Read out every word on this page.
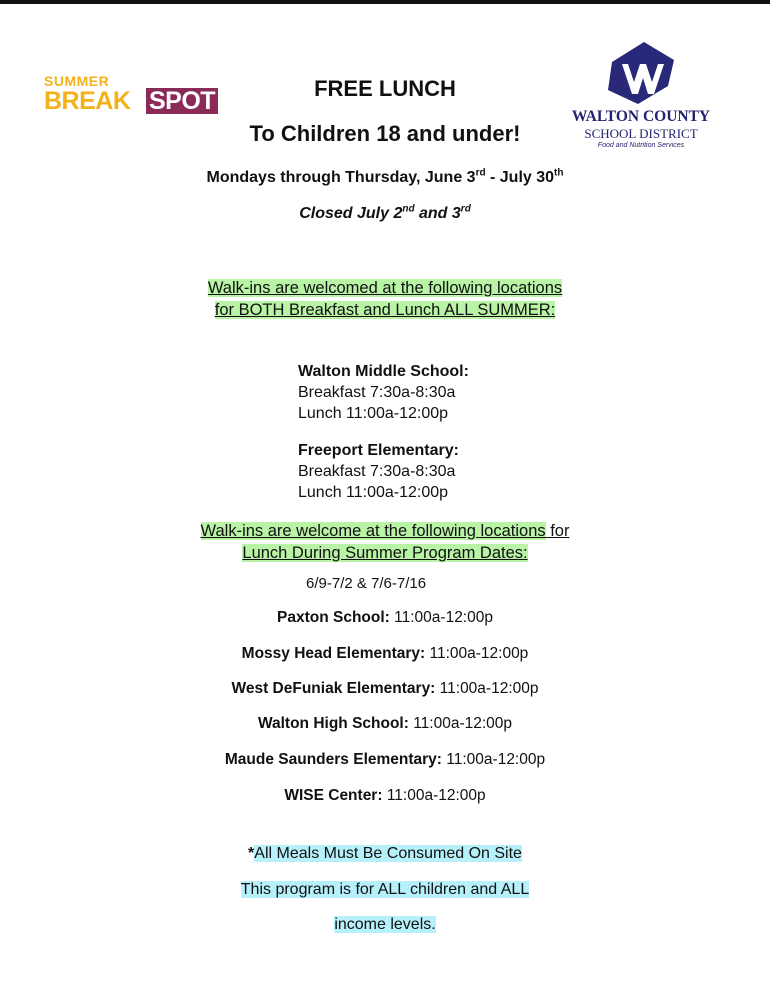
SUMMER
BREAK SPOT
WALTON COUNTY
SCHOOL DISTRICT
Food and Nutrition Services
FREE LUNCH
To Children 18 and under!
Mondays through Thursday, June 3rd - July 30th
Closed July 2nd and 3rd
Walk-ins are welcomed at the following locations
for BOTH Breakfast and Lunch ALL SUMMER:
Walton Middle School:
Breakfast 7:30a-8:30a
Lunch 11:00a-12:00p
Freeport Elementary:
Breakfast 7:30a-8:30a
Lunch 11:00a-12:00p
Walk-ins are welcome at the following locations for
Lunch During Summer Program Dates:
6/9-7/2 & 7/6-7/16
Paxton School: 11:00a-12:00p
Mossy Head Elementary: 11:00a-12:00p
West DeFuniak Elementary: 11:00a-12:00p
Walton High School: 11:00a-12:00p
Maude Saunders Elementary: 11:00a-12:00p
WISE Center: 11:00a-12:00p
*All Meals Must Be Consumed On Site
This program is for ALL children and ALL
income levels.
